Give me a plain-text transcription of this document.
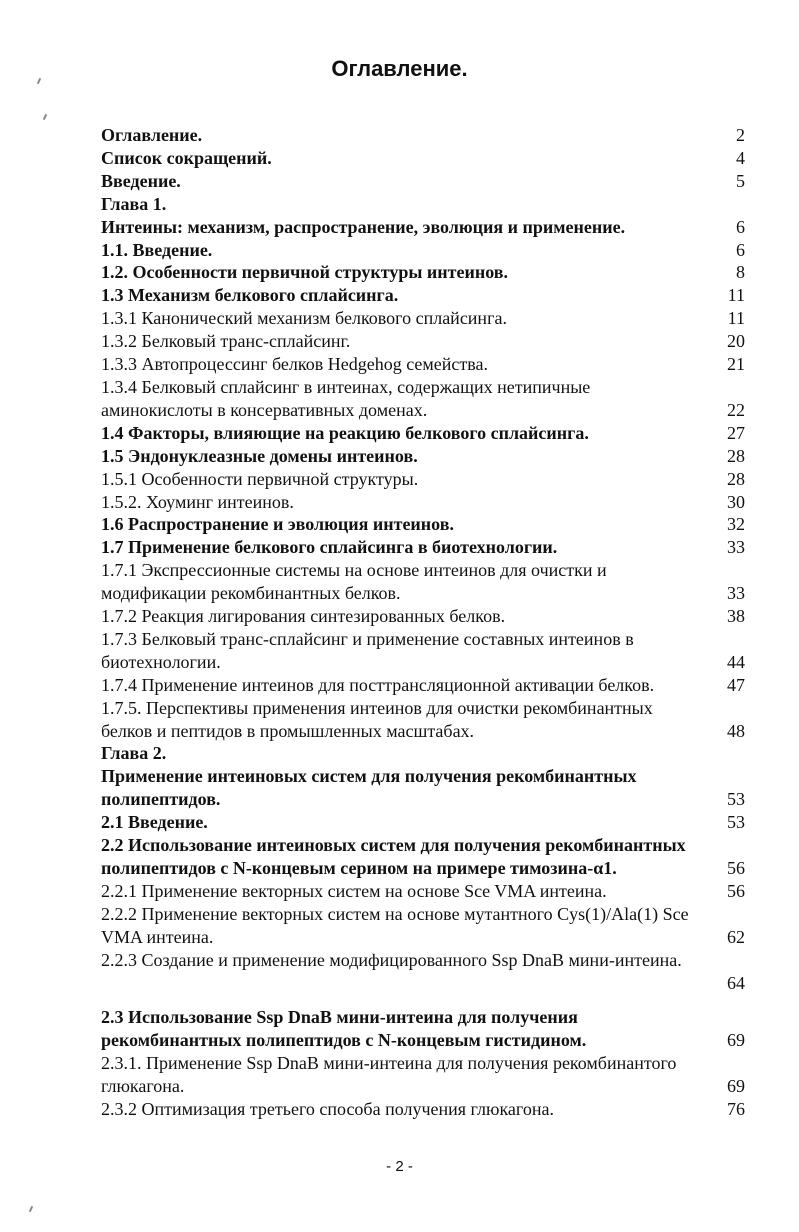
Оглавление.
Оглавление.	2
Список сокращений.	4
Введение.	5
Глава 1.
Интеины: механизм, распространение, эволюция и применение.	6
1.1. Введение.	6
1.2. Особенности первичной структуры интеинов.	8
1.3 Механизм белкового сплайсинга.	11
1.3.1 Канонический механизм белкового сплайсинга.	11
1.3.2 Белковый транс-сплайсинг.	20
1.3.3 Автопроцессинг белков Hedgehog семейства.	21
1.3.4 Белковый сплайсинг в интеинах, содержащих нетипичные
аминокислоты в консервативных доменах.	22
1.4 Факторы, влияющие на реакцию белкового сплайсинга.	27
1.5 Эндонуклеазные домены интеинов.	28
1.5.1 Особенности первичной структуры.	28
1.5.2. Хоуминг интеинов.	30
1.6 Распространение и эволюция интеинов.	32
1.7 Применение белкового сплайсинга в биотехнологии.	33
1.7.1 Экспрессионные системы на основе интеинов для очистки и
модификации рекомбинантных белков.	33
1.7.2 Реакция лигирования синтезированных белков.	38
1.7.3 Белковый транс-сплайсинг и применение составных интеинов в
биотехнологии.	44
1.7.4 Применение интеинов для посттрансляционной активации белков.	47
1.7.5. Перспективы применения интеинов для очистки рекомбинантных
белков и пептидов в промышленных масштабах.	48
Глава 2.
Применение интеиновых систем для получения рекомбинантных
полипептидов.	53
2.1 Введение.	53
2.2 Использование интеиновых систем для получения рекомбинантных
полипептидов с N-концевым серином на примере тимозина-α1.	56
2.2.1 Применение векторных систем на основе Sce VMA интеина.	56
2.2.2 Применение векторных систем на основе мутантного Cys(1)/Ala(1) Sce
VMA интеина.	62
2.2.3 Создание и применение модифицированного Ssp DnaB мини-интеина.
64
2.3 Использование Ssp DnaB мини-интеина для получения
рекомбинантных полипептидов с N-концевым гистидином.	69
2.3.1. Применение Ssp DnaB мини-интеина для получения рекомбинантого
глюкагона.	69
2.3.2 Оптимизация третьего способа получения глюкагона.	76
- 2 -
